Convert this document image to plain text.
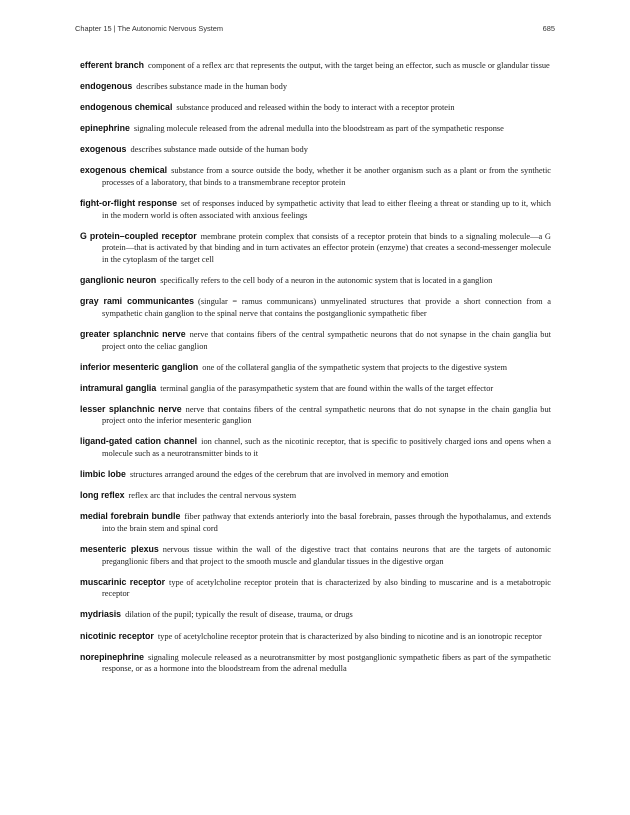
Chapter 15 | The Autonomic Nervous System	685

efferent branch component of a reflex arc that represents the output, with the target being an effector, such as muscle or glandular tissue

endogenous describes substance made in the human body

endogenous chemical substance produced and released within the body to interact with a receptor protein

epinephrine signaling molecule released from the adrenal medulla into the bloodstream as part of the sympathetic response

exogenous describes substance made outside of the human body

exogenous chemical substance from a source outside the body, whether it be another organism such as a plant or from the synthetic processes of a laboratory, that binds to a transmembrane receptor protein

fight-or-flight response set of responses induced by sympathetic activity that lead to either fleeing a threat or standing up to it, which in the modern world is often associated with anxious feelings

G protein–coupled receptor membrane protein complex that consists of a receptor protein that binds to a signaling molecule—a G protein—that is activated by that binding and in turn activates an effector protein (enzyme) that creates a second-messenger molecule in the cytoplasm of the target cell

ganglionic neuron specifically refers to the cell body of a neuron in the autonomic system that is located in a ganglion

gray rami communicantes (singular = ramus communicans) unmyelinated structures that provide a short connection from a sympathetic chain ganglion to the spinal nerve that contains the postganglionic sympathetic fiber

greater splanchnic nerve nerve that contains fibers of the central sympathetic neurons that do not synapse in the chain ganglia but project onto the celiac ganglion

inferior mesenteric ganglion one of the collateral ganglia of the sympathetic system that projects to the digestive system

intramural ganglia terminal ganglia of the parasympathetic system that are found within the walls of the target effector

lesser splanchnic nerve nerve that contains fibers of the central sympathetic neurons that do not synapse in the chain ganglia but project onto the inferior mesenteric ganglion

ligand-gated cation channel ion channel, such as the nicotinic receptor, that is specific to positively charged ions and opens when a molecule such as a neurotransmitter binds to it

limbic lobe structures arranged around the edges of the cerebrum that are involved in memory and emotion

long reflex reflex arc that includes the central nervous system

medial forebrain bundle fiber pathway that extends anteriorly into the basal forebrain, passes through the hypothalamus, and extends into the brain stem and spinal cord

mesenteric plexus nervous tissue within the wall of the digestive tract that contains neurons that are the targets of autonomic preganglionic fibers and that project to the smooth muscle and glandular tissues in the digestive organ

muscarinic receptor type of acetylcholine receptor protein that is characterized by also binding to muscarine and is a metabotropic receptor

mydriasis dilation of the pupil; typically the result of disease, trauma, or drugs

nicotinic receptor type of acetylcholine receptor protein that is characterized by also binding to nicotine and is an ionotropic receptor

norepinephrine signaling molecule released as a neurotransmitter by most postganglionic sympathetic fibers as part of the sympathetic response, or as a hormone into the bloodstream from the adrenal medulla
